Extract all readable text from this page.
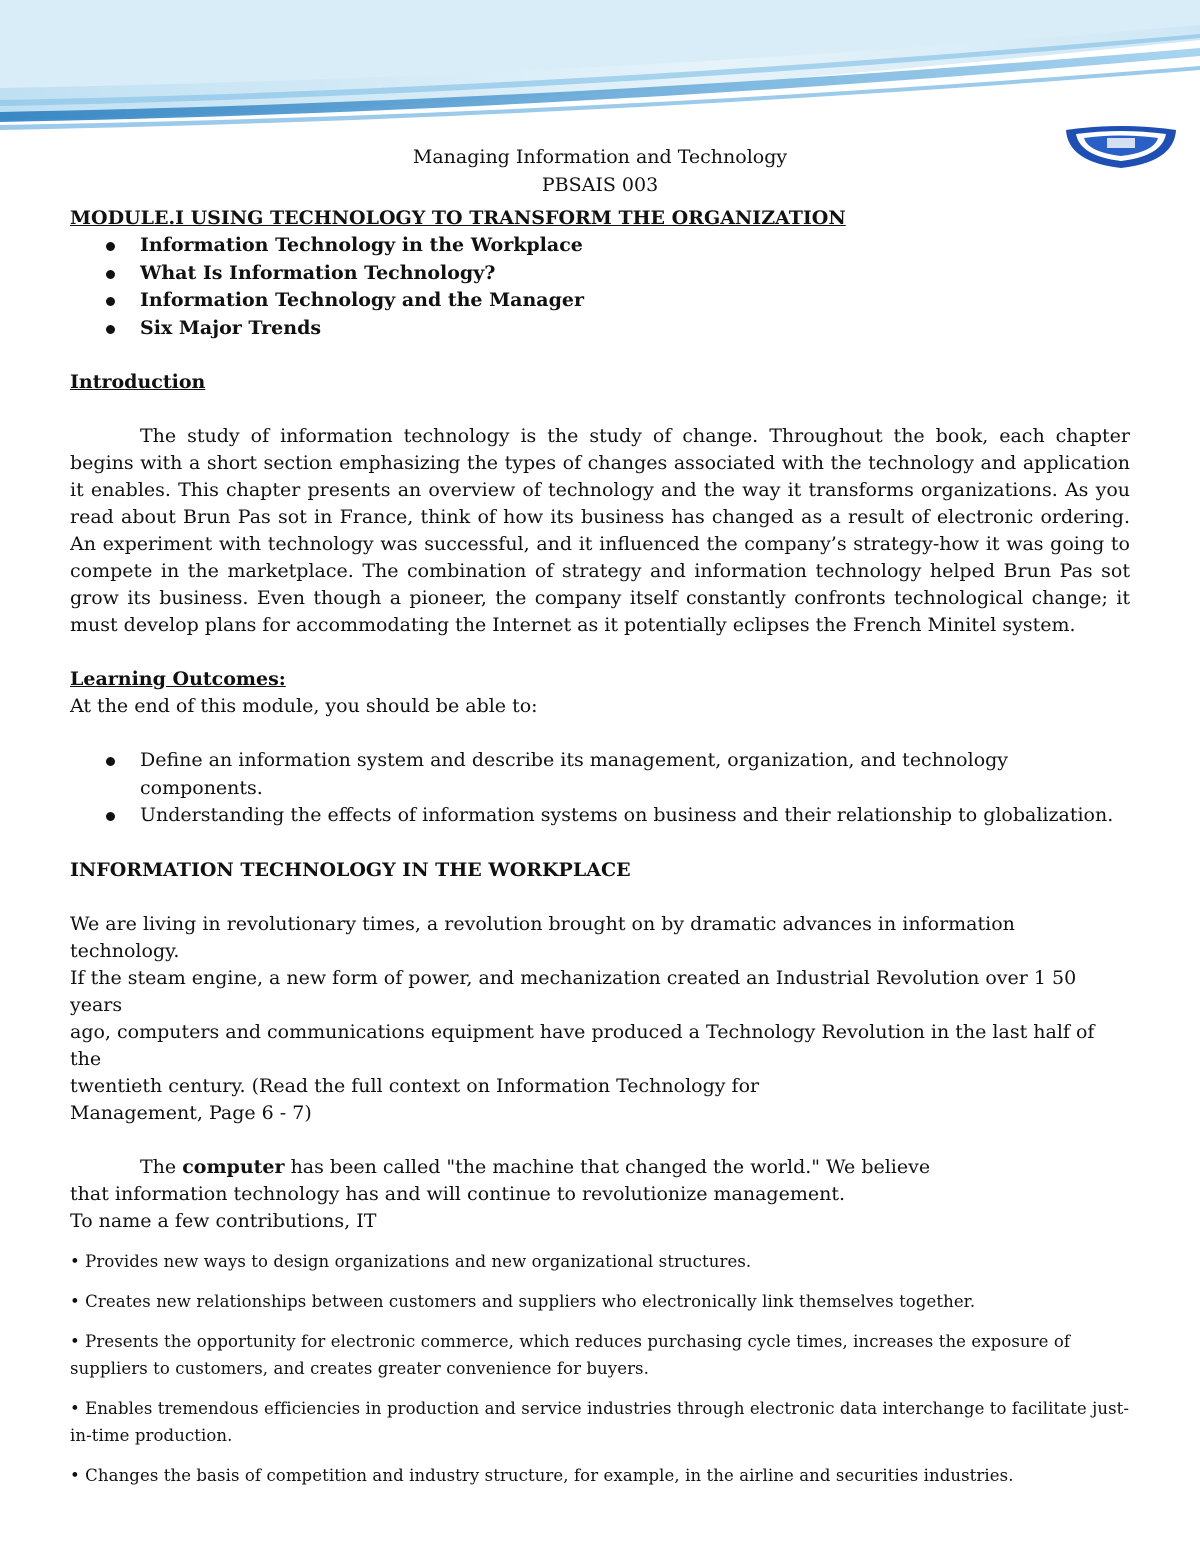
Managing Information and Technology
PBSAIS 003
MODULE.I USING TECHNOLOGY TO TRANSFORM THE ORGANIZATION
Information Technology in the Workplace
What Is Information Technology?
Information Technology and the Manager
Six Major Trends
Introduction
The study of information technology is the study of change. Throughout the book, each chapter begins with a short section emphasizing the types of changes associated with the technology and application it enables. This chapter presents an overview of technology and the way it transforms organizations. As you read about Brun Pas sot in France, think of how its business has changed as a result of electronic ordering. An experiment with technology was successful, and it influenced the company’s strategy-how it was going to compete in the marketplace. The combination of strategy and information technology helped Brun Pas sot grow its business. Even though a pioneer, the company itself constantly confronts technological change; it must develop plans for accommodating the Internet as it potentially eclipses the French Minitel system.
Learning Outcomes:
At the end of this module, you should be able to:
Define an information system and describe its management, organization, and technology components.
Understanding the effects of information systems on business and their relationship to globalization.
INFORMATION TECHNOLOGY IN THE WORKPLACE
We are living in revolutionary times, a revolution brought on by dramatic advances in information technology.
If the steam engine, a new form of power, and mechanization created an Industrial Revolution over 1 50 years
ago, computers and communications equipment have produced a Technology Revolution in the last half of the
twentieth century. (Read the full context on Information Technology for
Management, Page 6 - 7)
The computer has been called "the machine that changed the world." We believe
that information technology has and will continue to revolutionize management.
To name a few contributions, IT
• Provides new ways to design organizations and new organizational structures.
• Creates new relationships between customers and suppliers who electronically link themselves together.
• Presents the opportunity for electronic commerce, which reduces purchasing cycle times, increases the exposure of suppliers to customers, and creates greater convenience for buyers.
• Enables tremendous efficiencies in production and service industries through electronic data interchange to facilitate just-in-time production.
• Changes the basis of competition and industry structure, for example, in the airline and securities industries.
